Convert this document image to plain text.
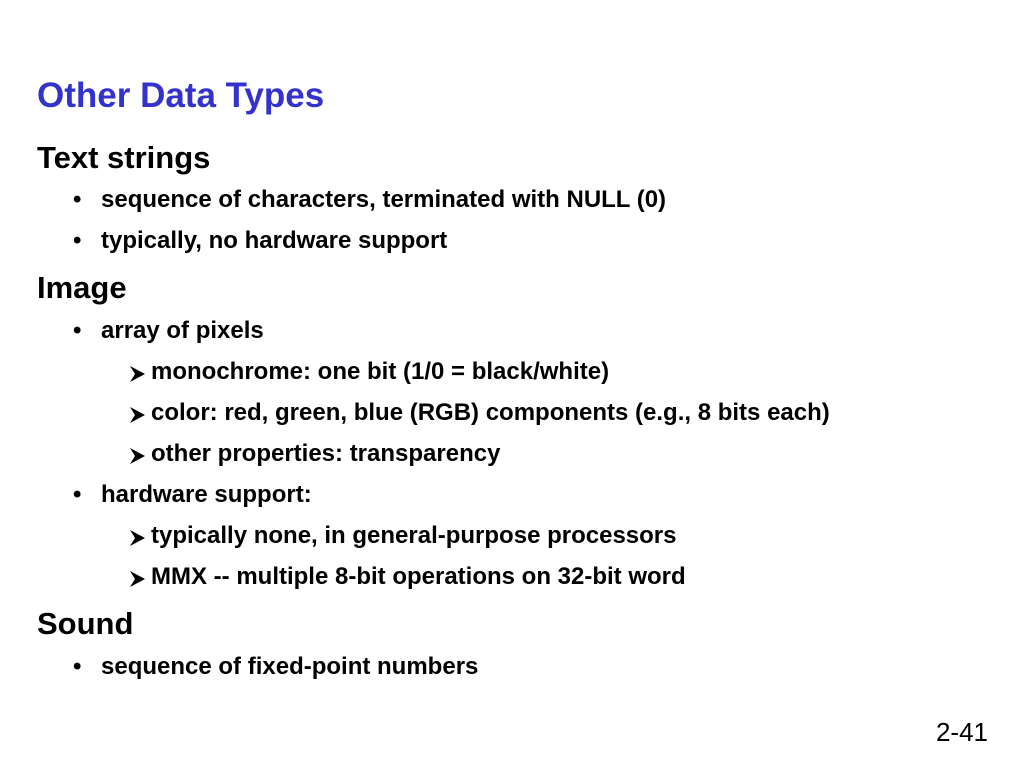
Other Data Types
Text strings
• sequence of characters, terminated with NULL (0)
• typically, no hardware support
Image
• array of pixels
monochrome: one bit (1/0 = black/white)
color: red, green, blue (RGB) components (e.g., 8 bits each)
other properties: transparency
• hardware support:
typically none, in general-purpose processors
MMX -- multiple 8-bit operations on 32-bit word
Sound
• sequence of fixed-point numbers
2-41
